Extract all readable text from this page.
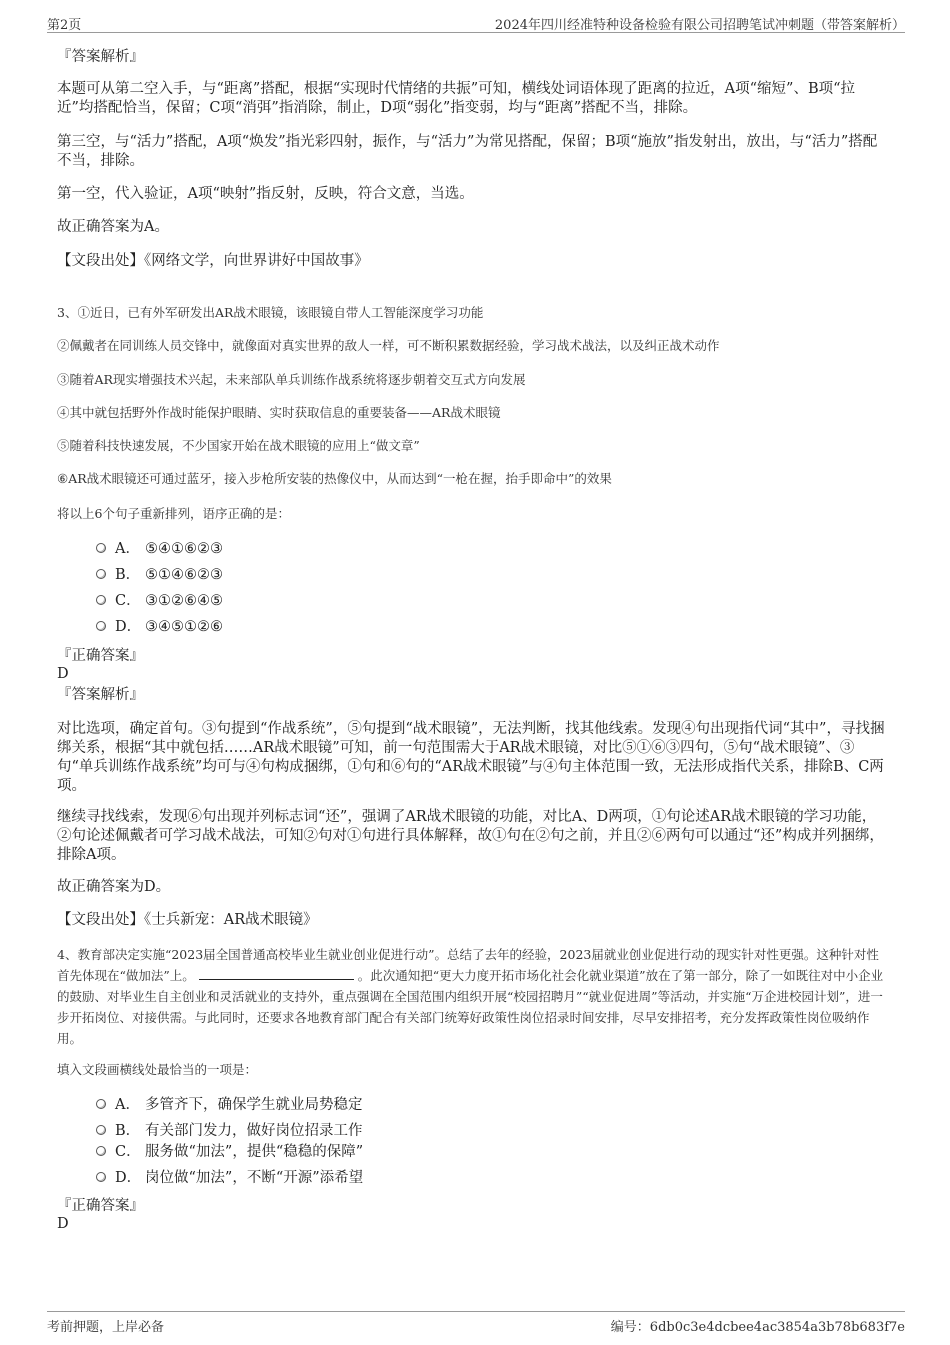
第2页	2024年四川经准特种设备检验有限公司招聘笔试冲刺题（带答案解析）
『答案解析』
本题可从第二空入手，与“距离”搭配，根据“实现时代情绪的共振”可知，横线处词语体现了距离的拉近，A项“缩短”、B项“拉近”均搭配恰当，保留；C项“消弭”指消除，制止，D项“弱化”指变弱，均与“距离”搭配不当，排除。
第三空，与“活力”搭配，A项“焕发”指光彩四射，振作，与“活力”为常见搭配，保留；B项“施放”指发射出，放出，与“活力”搭配不当，排除。
第一空，代入验证，A项“映射”指反射，反映，符合文意，当选。
故正确答案为A。
【文段出处】《网络文学，向世界讲好中国故事》
3、①近日，已有外军研发出AR战术眼镜，该眼镜自带人工智能深度学习功能
②佩戴者在同训练人员交锋中，就像面对真实世界的敌人一样，可不断积累数据经验，学习战术战法，以及纠正战术动作
③随着AR现实增强技术兴起，未来部队单兵训练作战系统将逐步朝着交互式方向发展
④其中就包括野外作战时能保护眼睛、实时获取信息的重要装备——AR战术眼镜
⑤随着科技快速发展，不少国家开始在战术眼镜的应用上“做文章”
⑥AR战术眼镜还可通过蓝牙，接入步枪所安装的热像仪中，从而达到“一枪在握，抬手即命中”的效果
将以上6个句子重新排列，语序正确的是：
A． ⑤④①⑥②③
B． ⑤①④⑥②③
C． ③①②⑥④⑤
D． ③④⑤①②⑥
『正确答案』
D
『答案解析』
对比选项，确定首句。③句提到“作战系统”，⑤句提到“战术眼镜”，无法判断，找其他线索。发现④句出现指代词“其中”，寻找捆绑关系，根据“其中就包括……AR战术眼镜”可知，前一句范围需大于AR战术眼镜，对比⑤①⑥③四句，⑤句“战术眼镜”、③句“单兵训练作战系统”均可与④句构成捆绑，①句和⑥句的“AR战术眼镜”与④句主体范围一致，无法形成指代关系，排除B、C两项。
继续寻找线索，发现⑥句出现并列标志词“还”，强调了AR战术眼镜的功能，对比A、D两项，①句论述AR战术眼镜的学习功能，②句论述佩戴者可学习战术战法，可知②句对①句进行具体解释，故①句在②句之前，并且②⑥两句可以通过“还”构成并列捆绑，排除A项。
故正确答案为D。
【文段出处】《士兵新宠：AR战术眼镜》
4、教育部决定实施“2023届全国普通高校毕业生就业创业促进行动”。总结了去年的经验，2023届就业创业促进行动的现实针对性更强。这种针对性首先体现在“做加法”上。	。此次通知把“更大力度开拓市场化社会化就业渠道”放在了第一部分，除了一如既往对中小企业的鼓励、对毕业生自主创业和灵活就业的支持外，重点强调在全国范围内组织开展“校园招聘月”“就业促进周”等活动，并实施“万企进校园计划”，进一步开拓岗位、对接供需。与此同时，还要求各地教育部门配合有关部门统筹好政策性岗位招录时间安排，尽早安排招考，充分发挥政策性岗位吸纳作用。
填入文段画横线处最恰当的一项是：
A． 多管齐下，确保学生就业局势稳定
B． 有关部门发力，做好岗位招录工作
C． 服务做“加法”，提供“稳稳的保障”
D． 岗位做“加法”，不断“开源”添希望
『正确答案』
D
考前押题，上岸必备	编号：6db0c3e4dcbee4ac3854a3b78b683f7e
